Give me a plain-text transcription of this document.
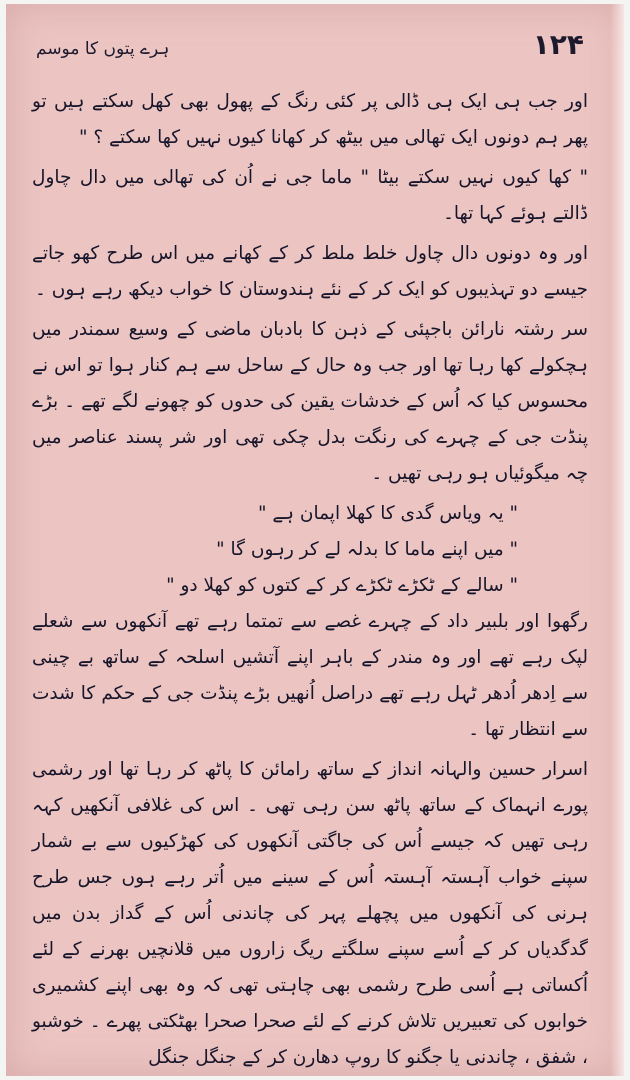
۱۲۴
ہرے پتوں کا موسم

اور جب ہی ایک ہی ڈالی پر کئی رنگ کے پھول بھی کھل سکتے ہیں تو پھر ہم دونوں ایک تھالی میں بیٹھ کر کھانا کیوں نہیں کھا سکتے ؟ "

" کھا کیوں نہیں سکتے بیٹا " ماما جی نے اُن کی تھالی میں دال چاول ڈالتے ہوئے کہا تھا۔

اور وہ دونوں دال چاول خلط ملط کر کے کھانے میں اس طرح کھو جاتے جیسے دو تہذیبوں کو ایک کر کے نئے ہندوستان کا خواب دیکھ رہے ہوں ۔

سر رشتہ نارائن باجپئی کے ذہن کا بادبان ماضی کے وسیع سمندر میں ہچکولے کھا رہا تھا اور جب وہ حال کے ساحل سے ہم کنار ہوا تو اس نے محسوس کیا کہ اُس کے خدشات یقین کی حدوں کو چھونے لگے تھے ۔ بڑے پنڈت جی کے چہرے کی رنگت بدل چکی تھی اور شر پسند عناصر میں چہ میگوئیاں ہو رہی تھیں ۔

" یہ ویاس گدی کا کھلا اپمان ہے "

" میں اپنے ماما کا بدلہ لے کر رہوں گا "

" سالے کے ٹکڑے ٹکڑے کر کے کتوں کو کھلا دو "

رگھوا اور بلبیر داد کے چہرے غصے سے تمتما رہے تھے آنکھوں سے شعلے لپک رہے تھے اور وہ مندر کے باہر اپنے آتشیں اسلحہ کے ساتھ بے چینی سے اِدھر اُدھر ٹہل رہے تھے دراصل اُنھیں بڑے پنڈت جی کے حکم کا شدت سے انتظار تھا ۔

اسرار حسین والہانہ انداز کے ساتھ رامائن کا پاٹھ کر رہا تھا اور رشمی پورے انہماک کے ساتھ پاٹھ سن رہی تھی ۔ اس کی غلافی آنکھیں کہہ رہی تھیں کہ جیسے اُس کی جاگتی آنکھوں کی کھڑکیوں سے بے شمار سپنے خواب آہستہ آہستہ اُس کے سینے میں اُتر رہے ہوں جس طرح ہرنی کی آنکھوں میں پچھلے پہر کی چاندنی اُس کے گداز بدن میں گدگدیاں کر کے اُسے سپنے سلگتے ریگ زاروں میں قلانچیں بھرنے کے لئے اُکساتی ہے اُسی طرح رشمی بھی چاہتی تھی کہ وہ بھی اپنے کشمیری خوابوں کی تعبیریں تلاش کرنے کے لئے صحرا صحرا بھٹکتی پھرے ۔ خوشبو ، شفق ، چاندنی یا جگنو کا روپ دھارن کر کے جنگل جنگل
